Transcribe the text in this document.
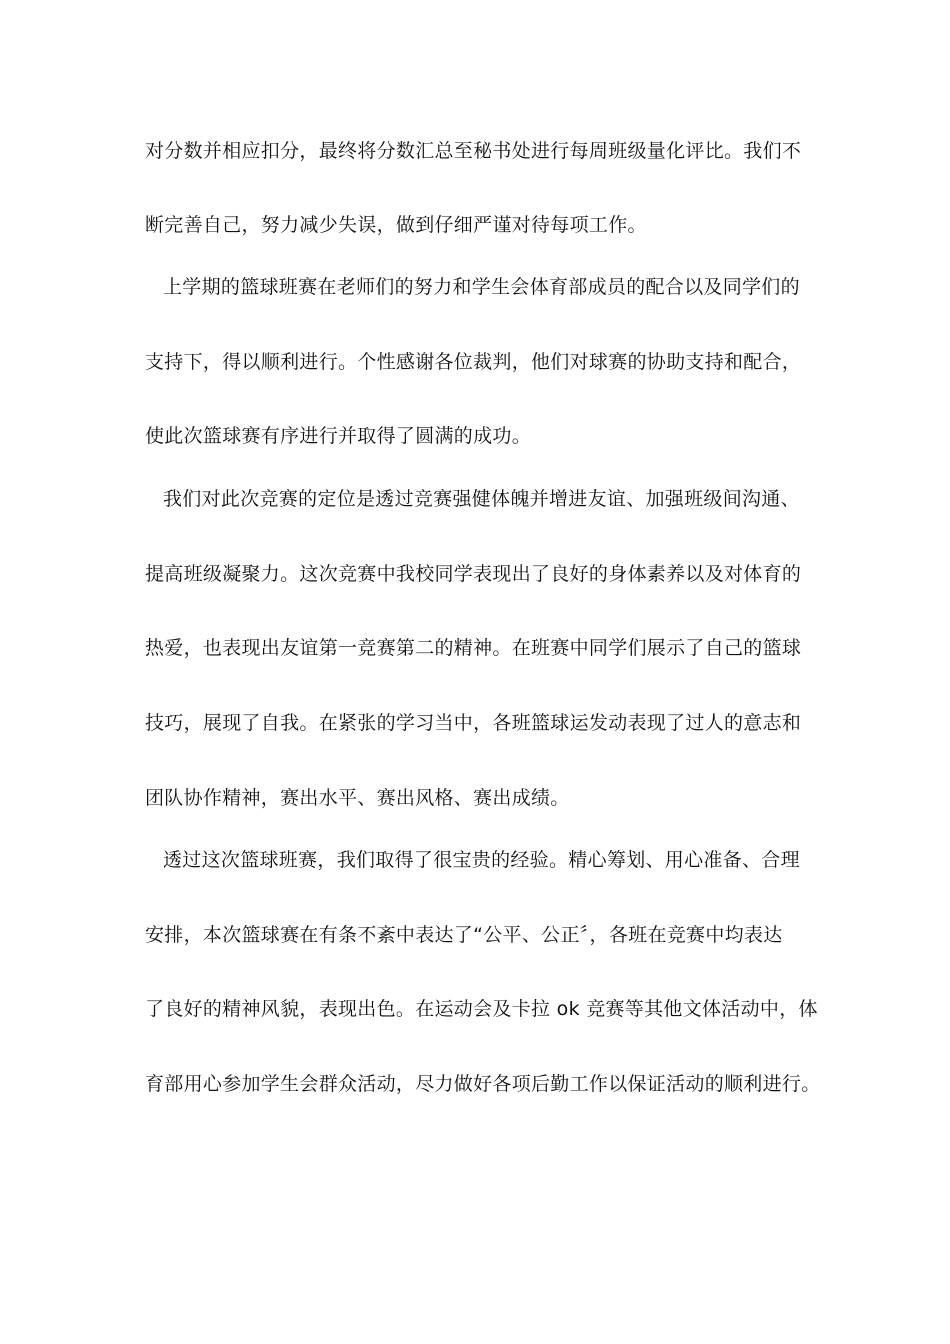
对分数并相应扣分，最终将分数汇总至秘书处进行每周班级量化评比。我们不
断完善自己，努力减少失误，做到仔细严谨对待每项工作。
上学期的篮球班赛在老师们的努力和学生会体育部成员的配合以及同学们的
支持下，得以顺利进行。个性感谢各位裁判，他们对球赛的协助支持和配合，
使此次篮球赛有序进行并取得了圆满的成功。
我们对此次竞赛的定位是透过竞赛强健体魄并增进友谊、加强班级间沟通、
提高班级凝聚力。这次竞赛中我校同学表现出了良好的身体素养以及对体育的
热爱，也表现出友谊第一竞赛第二的精神。在班赛中同学们展示了自己的篮球
技巧，展现了自我。在紧张的学习当中，各班篮球运发动表现了过人的意志和
团队协作精神，赛出水平、赛出风格、赛出成绩。
透过这次篮球班赛，我们取得了很宝贵的经验。精心筹划、用心准备、合理
安排，本次篮球赛在有条不紊中表达了“公平、公正〞，各班在竞赛中均表达
了良好的精神风貌，表现出色。在运动会及卡拉 ok 竞赛等其他文体活动中，体
育部用心参加学生会群众活动，尽力做好各项后勤工作以保证活动的顺利进行。
